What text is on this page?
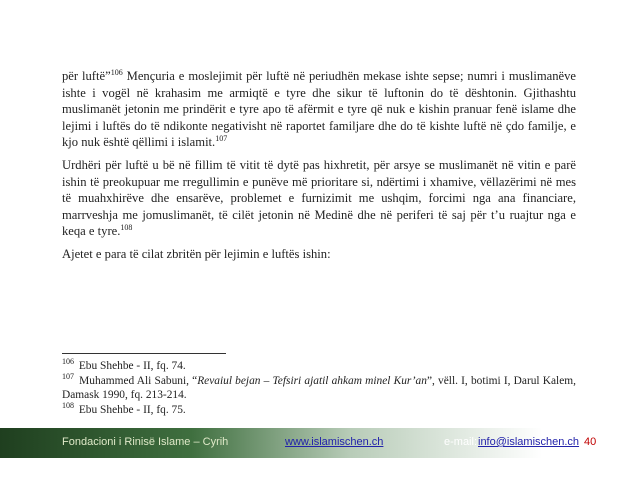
për luftë”$^{106}$ Mençuria e moslejimit për luftë në periudhën mekase ishte sepse; numri i muslimanëve ishte i vogël në krahasim me armiqtë e tyre dhe sikur të luftonin do të dështonin. Gjithashtu muslimanët jetonin me prindërit e tyre apo të afërmit e tyre që nuk e kishin pranuar fenë islame dhe lejimi i luftës do të ndikonte negativisht në raportet familjare dhe do të kishte luftë në çdo familje, e kjo nuk është qëllimi i islamit.$^{107}$

Urdhëri për luftë u bë në fillim të vitit të dytë pas hixhretit, për arsye se muslimanët në vitin e parë ishin të preokupuar me rregullimin e punëve më prioritare si, ndërtimi i xhamive, vëllazërimi në mes të muahxhirëve dhe ensarëve, problemet e furnizimit me ushqim, forcimi nga ana financiare, marrveshja me jomuslimanët, të cilët jetonin në Medinë dhe në periferi të saj për t’u ruajtur nga e keqa e tyre.$^{108}$

Ajetet e para të cilat zbritën për lejimin e luftës ishin:

$^{106}$ Ebu Shehbe - II, fq. 74.

$^{107}$ Muhammed Ali Sabuni, “Revaiul bejan – Tefsiri ajatil ahkam minel Kur’an”, vëll. I, botimi I, Darul Kalem, Damask 1990, fq. 213-214.

$^{108}$ Ebu Shehbe - II, fq. 75.

Fondacioni i Rinisë Islame – Cyrih	www.islamischen.ch	e-mail: info@islamischen.ch 40
